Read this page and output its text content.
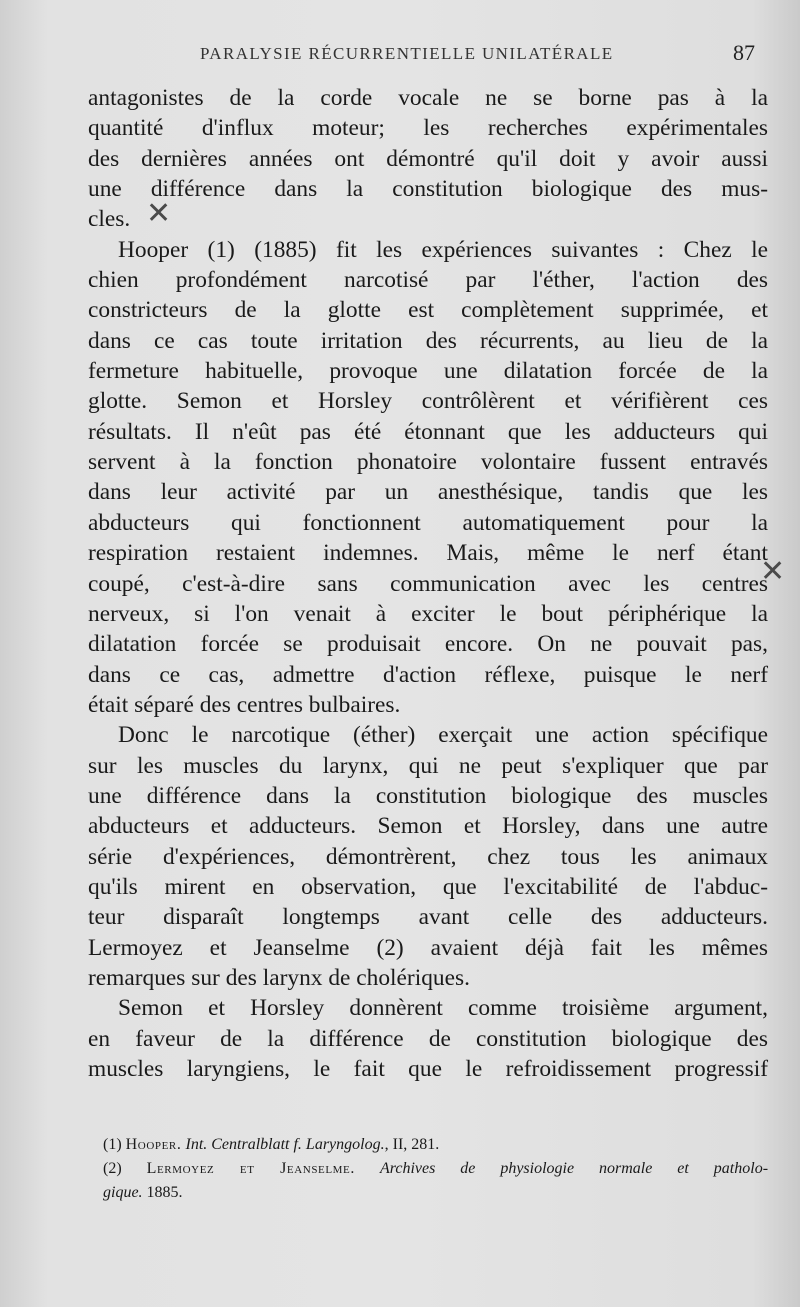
PARALYSIE RÉCURRENTIELLE UNILATÉRALE	87
antagonistes de la corde vocale ne se borne pas à la
quantité d'influx moteur; les recherches expérimentales
des dernières années ont démontré qu'il doit y avoir aussi
une différence dans la constitution biologique des mus-
cles.
Hooper (1) (1885) fit les expériences suivantes : Chez le
chien profondément narcotisé par l'éther, l'action des
constricteurs de la glotte est complètement supprimée, et
dans ce cas toute irritation des récurrents, au lieu de la
fermeture habituelle, provoque une dilatation forcée de la
glotte. Semon et Horsley contrôlèrent et vérifièrent ces
résultats. Il n'eût pas été étonnant que les adducteurs qui
servent à la fonction phonatoire volontaire fussent entravés
dans leur activité par un anesthésique, tandis que les
abducteurs qui fonctionnent automatiquement pour la
respiration restaient indemnes. Mais, même le nerf étant
coupé, c'est-à-dire sans communication avec les centres
nerveux, si l'on venait à exciter le bout périphérique la
dilatation forcée se produisait encore. On ne pouvait pas,
dans ce cas, admettre d'action réflexe, puisque le nerf
était séparé des centres bulbaires.
Donc le narcotique (éther) exerçait une action spécifique
sur les muscles du larynx, qui ne peut s'expliquer que par
une différence dans la constitution biologique des muscles
abducteurs et adducteurs. Semon et Horsley, dans une autre
série d'expériences, démontrèrent, chez tous les animaux
qu'ils mirent en observation, que l'excitabilité de l'abduc-
teur disparaît longtemps avant celle des adducteurs.
Lermoyez et Jeanselme (2) avaient déjà fait les mêmes
remarques sur des larynx de cholériques.
Semon et Horsley donnèrent comme troisième argument,
en faveur de la différence de constitution biologique des
muscles laryngiens, le fait que le refroidissement progressif
✕
✕
(1) Hooper. Int. Centralblatt f. Laryngolog., II, 281.
(2) Lermoyez et Jeanselme. Archives de physiologie normale et patholo-
gique. 1885.
